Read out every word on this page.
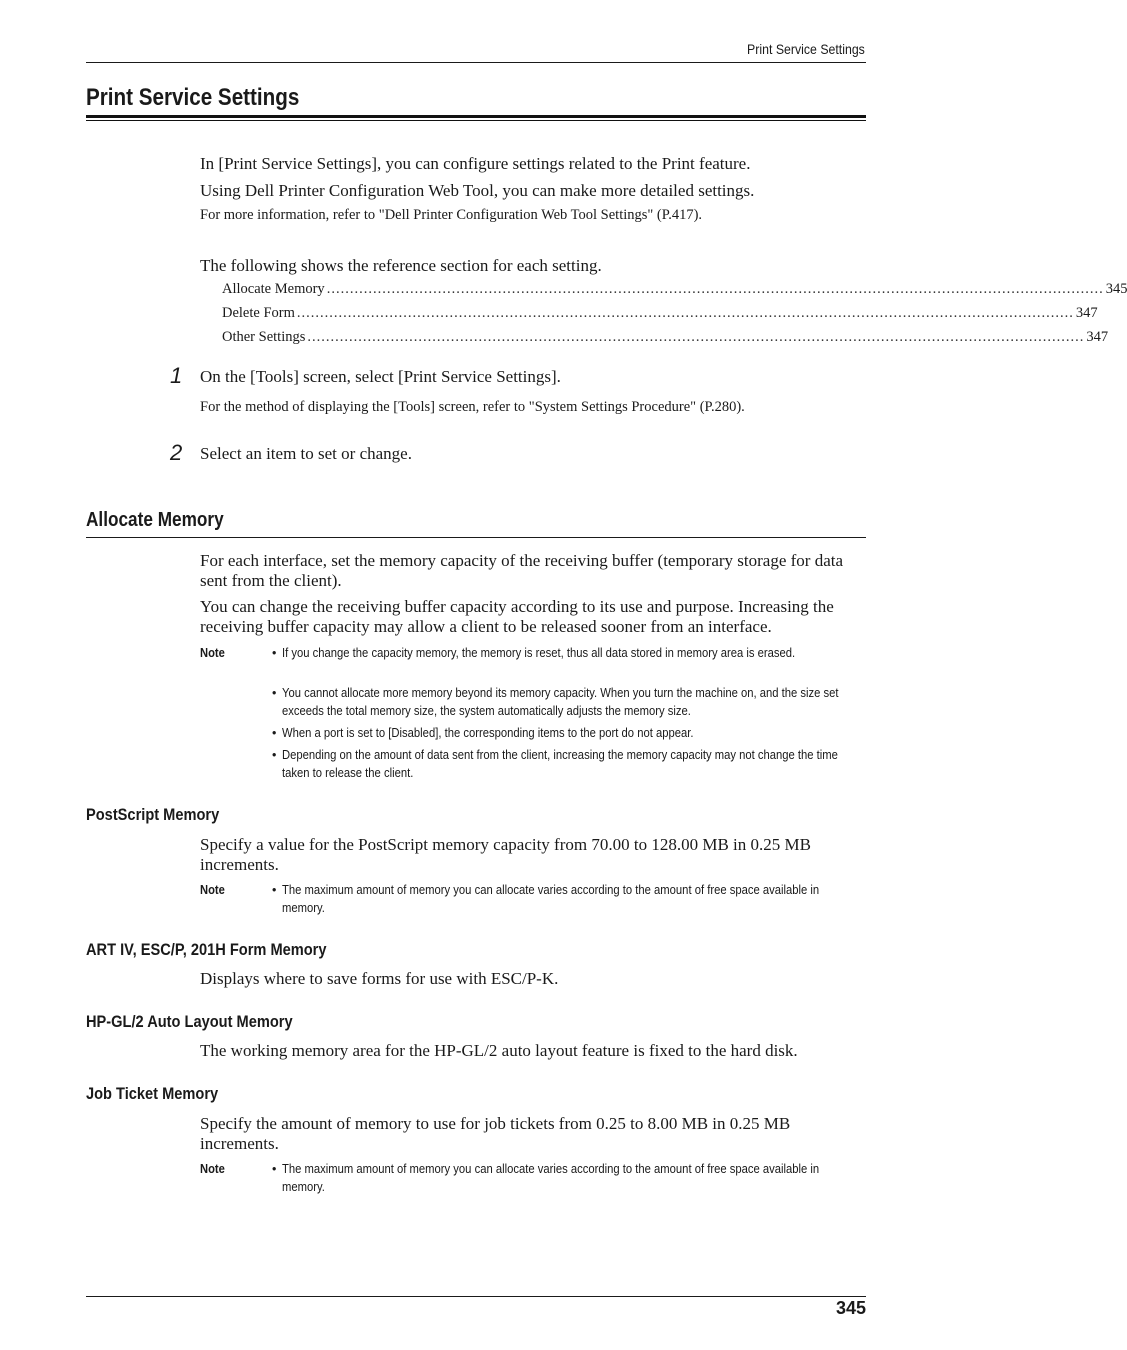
Print Service Settings
Print Service Settings
In [Print Service Settings], you can configure settings related to the Print feature.
Using Dell Printer Configuration Web Tool, you can make more detailed settings.
For more information, refer to "Dell Printer Configuration Web Tool Settings" (P.417).
The following shows the reference section for each setting.
Allocate Memory ........................................................................................................................................................................ 345
Delete Form ........................................................................................................................................................................ 347
Other Settings ........................................................................................................................................................................ 347
1 On the [Tools] screen, select [Print Service Settings].
For the method of displaying the [Tools] screen, refer to "System Settings Procedure" (P.280).
2 Select an item to set or change.
Allocate Memory
For each interface, set the memory capacity of the receiving buffer (temporary storage for data sent from the client).
You can change the receiving buffer capacity according to its use and purpose. Increasing the receiving buffer capacity may allow a client to be released sooner from an interface.
Note	• If you change the capacity memory, the memory is reset, thus all data stored in memory area is erased.
• You cannot allocate more memory beyond its memory capacity. When you turn the machine on, and the size set exceeds the total memory size, the system automatically adjusts the memory size.
• When a port is set to [Disabled], the corresponding items to the port do not appear.
• Depending on the amount of data sent from the client, increasing the memory capacity may not change the time taken to release the client.
PostScript Memory
Specify a value for the PostScript memory capacity from 70.00 to 128.00 MB in 0.25 MB increments.
Note	• The maximum amount of memory you can allocate varies according to the amount of free space available in memory.
ART IV, ESC/P, 201H Form Memory
Displays where to save forms for use with ESC/P-K.
HP-GL/2 Auto Layout Memory
The working memory area for the HP-GL/2 auto layout feature is fixed to the hard disk.
Job Ticket Memory
Specify the amount of memory to use for job tickets from 0.25 to 8.00 MB in 0.25 MB increments.
Note	• The maximum amount of memory you can allocate varies according to the amount of free space available in memory.
345
